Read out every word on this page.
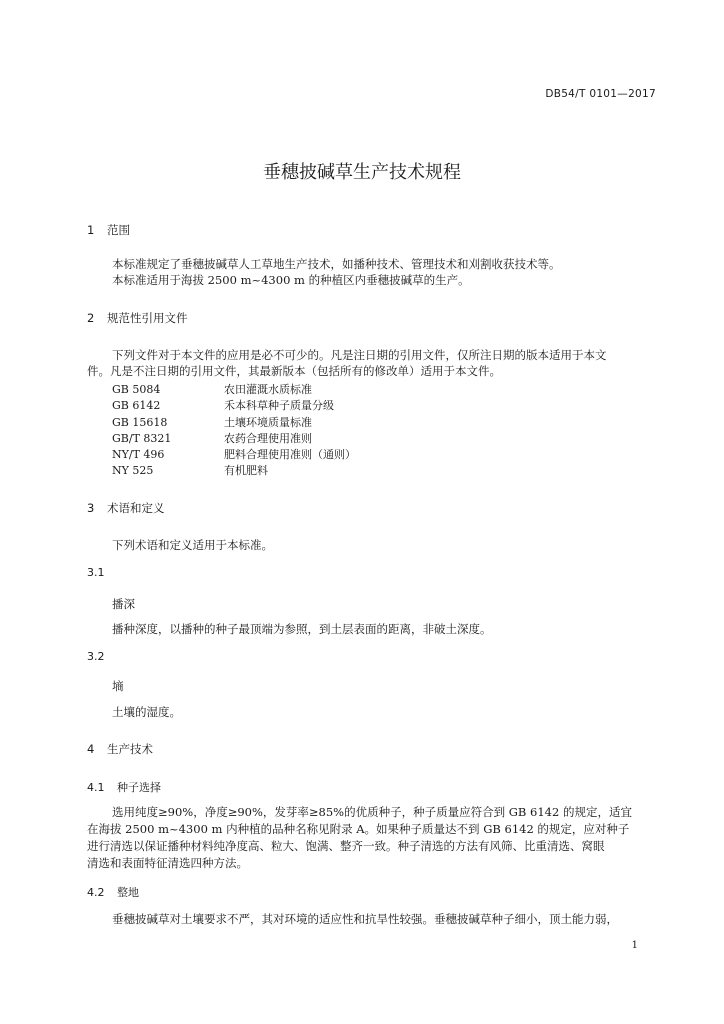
DB54/T 0101—2017
垂穗披碱草生产技术规程
1 范围
本标准规定了垂穗披碱草人工草地生产技术，如播种技术、管理技术和刈割收获技术等。
本标准适用于海拔 2500 m~4300 m 的种植区内垂穗披碱草的生产。
2 规范性引用文件
下列文件对于本文件的应用是必不可少的。凡是注日期的引用文件，仅所注日期的版本适用于本文
件。凡是不注日期的引用文件，其最新版本（包括所有的修改单）适用于本文件。
GB 5084	农田灌溉水质标准
GB 6142	禾本科草种子质量分级
GB 15618	土壤环境质量标准
GB/T 8321	农药合理使用准则
NY/T 496	肥料合理使用准则（通则）
NY 525	有机肥料
3 术语和定义
下列术语和定义适用于本标准。
3.1
播深
播种深度，以播种的种子最顶端为参照，到土层表面的距离，非破土深度。
3.2
墒
土壤的湿度。
4 生产技术
4.1 种子选择
选用纯度≥90%，净度≥90%，发芽率≥85%的优质种子，种子质量应符合到 GB 6142 的规定，适宜
在海拔 2500 m~4300 m 内种植的品种名称见附录 A。如果种子质量达不到 GB 6142 的规定，应对种子
进行清选以保证播种材料纯净度高、粒大、饱满、整齐一致。种子清选的方法有风筛、比重清选、窝眼
清选和表面特征清选四种方法。
4.2 整地
垂穗披碱草对土壤要求不严，其对环境的适应性和抗旱性较强。垂穗披碱草种子细小，顶土能力弱，
1
